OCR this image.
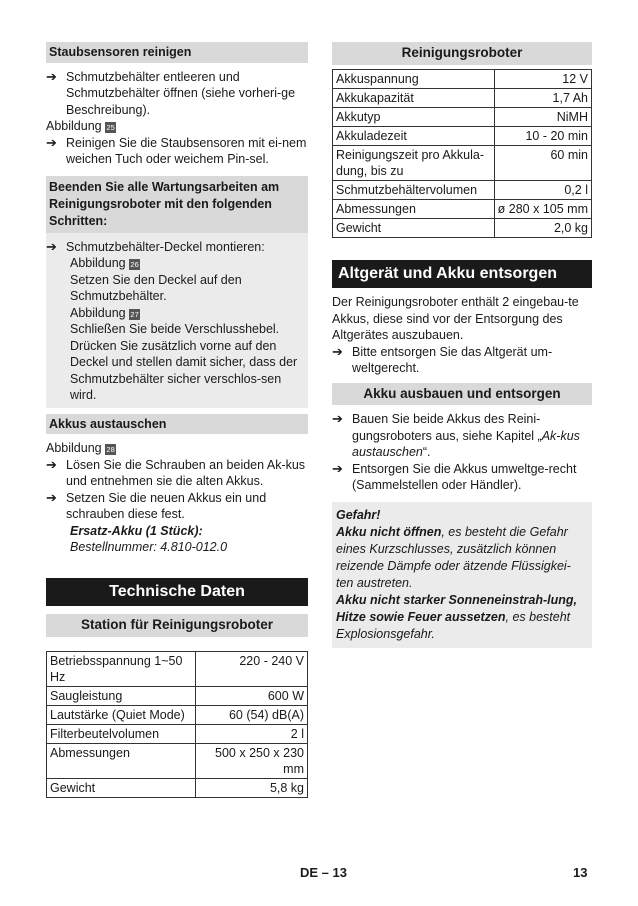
Staubsensoren reinigen
➔ Schmutzbehälter entleeren und Schmutzbehälter öffnen (siehe vorheri-ge Beschreibung).
Abbildung 25
➔ Reinigen Sie die Staubsensoren mit ei-nem weichen Tuch oder weichem Pin-sel.
Beenden Sie alle Wartungsarbeiten am Reinigungsroboter mit den folgenden Schritten:
➔ Schmutzbehälter-Deckel montieren:
Abbildung 26
Setzen Sie den Deckel auf den Schmutzbehälter.
Abbildung 27
Schließen Sie beide Verschlusshebel. Drücken Sie zusätzlich vorne auf den Deckel und stellen damit sicher, dass der Schmutzbehälter sicher verschlos-sen wird.
Akkus austauschen
Abbildung 28
➔ Lösen Sie die Schrauben an beiden Ak-kus und entnehmen sie die alten Akkus.
➔ Setzen Sie die neuen Akkus ein und schrauben diese fest.
Ersatz-Akku (1 Stück):
Bestellnummer: 4.810-012.0
Technische Daten
Station für Reinigungsroboter
Betriebsspannung 1~50 Hz	220 - 240 V
Saugleistung	600 W
Lautstärke (Quiet Mode)	60 (54) dB(A)
Filterbeutelvolumen	2 l
Abmessungen	500 x 250 x 230 mm
Gewicht	5,8 kg
Reinigungsroboter
Akkuspannung	12 V
Akkukapazität	1,7 Ah
Akkutyp	NiMH
Akkuladezeit	10 - 20 min
Reinigungszeit pro Akkula-dung, bis zu	60 min
Schmutzbehältervolumen	0,2 l
Abmessungen	ø 280 x 105 mm
Gewicht	2,0 kg
Altgerät und Akku entsorgen
Der Reinigungsroboter enthält 2 eingebau-te Akkus, diese sind vor der Entsorgung des Altgerätes auszubauen.
➔ Bitte entsorgen Sie das Altgerät um-weltgerecht.
Akku ausbauen und entsorgen
➔ Bauen Sie beide Akkus des Reini-gungsroboters aus, siehe Kapitel „Ak-kus austauschen“.
➔ Entsorgen Sie die Akkus umweltge-recht (Sammelstellen oder Händler).
Gefahr!
Akku nicht öffnen, es besteht die Gefahr eines Kurzschlusses, zusätzlich können reizende Dämpfe oder ätzende Flüssigkei-ten austreten.
Akku nicht starker Sonneneinstrah-lung, Hitze sowie Feuer aussetzen, es besteht Explosionsgefahr.
DE – 13	13
